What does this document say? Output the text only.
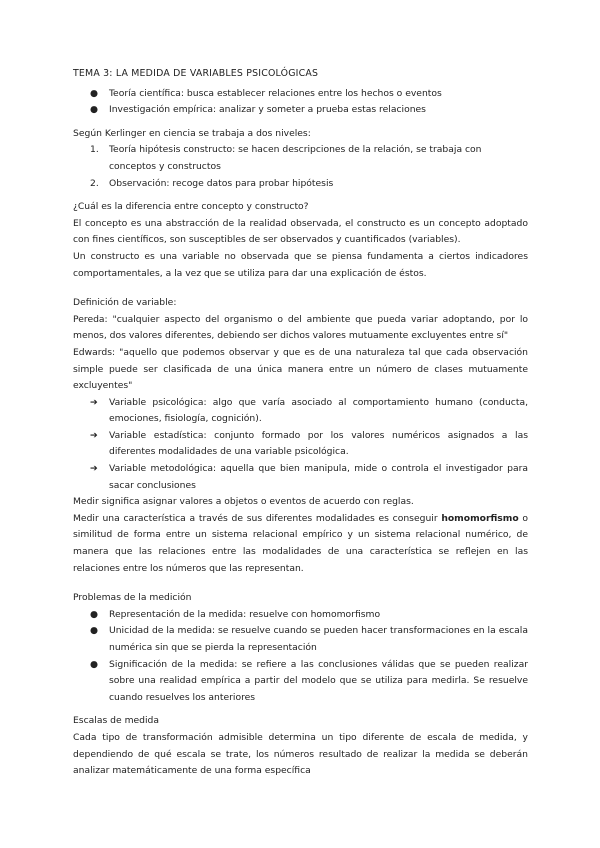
TEMA 3: LA MEDIDA DE VARIABLES PSICOLÓGICAS

● Teoría científica: busca establecer relaciones entre los hechos o eventos
● Investigación empírica: analizar y someter a prueba estas relaciones

Según Kerlinger en ciencia se trabaja a dos niveles:

1. Teoría hipótesis constructo: se hacen descripciones de la relación, se trabaja con conceptos y constructos
2. Observación: recoge datos para probar hipótesis

¿Cuál es la diferencia entre concepto y constructo?

El concepto es una abstracción de la realidad observada, el constructo es un concepto adoptado con fines científicos, son susceptibles de ser observados y cuantificados (variables).

Un constructo es una variable no observada que se piensa fundamenta a ciertos indicadores comportamentales, a la vez que se utiliza para dar una explicación de éstos.

Definición de variable:

Pereda: "cualquier aspecto del organismo o del ambiente que pueda variar adoptando, por lo menos, dos valores diferentes, debiendo ser dichos valores mutuamente excluyentes entre sí"

Edwards: "aquello que podemos observar y que es de una naturaleza tal que cada observación simple puede ser clasificada de una única manera entre un número de clases mutuamente excluyentes"

➔ Variable psicológica: algo que varía asociado al comportamiento humano (conducta, emociones, fisiología, cognición).
➔ Variable estadística: conjunto formado por los valores numéricos asignados a las diferentes modalidades de una variable psicológica.
➔ Variable metodológica: aquella que bien manipula, mide o controla el investigador para sacar conclusiones

Medir significa asignar valores a objetos o eventos de acuerdo con reglas.

Medir una característica a través de sus diferentes modalidades es conseguir homomorfismo o similitud de forma entre un sistema relacional empírico y un sistema relacional numérico, de manera que las relaciones entre las modalidades de una característica se reflejen en las relaciones entre los números que las representan.

Problemas de la medición

● Representación de la medida: resuelve con homomorfismo
● Unicidad de la medida: se resuelve cuando se pueden hacer transformaciones en la escala numérica sin que se pierda la representación
● Significación de la medida: se refiere a las conclusiones válidas que se pueden realizar sobre una realidad empírica a partir del modelo que se utiliza para medirla. Se resuelve cuando resuelves los anteriores

Escalas de medida

Cada tipo de transformación admisible determina un tipo diferente de escala de medida, y dependiendo de qué escala se trate, los números resultado de realizar la medida se deberán analizar matemáticamente de una forma específica
